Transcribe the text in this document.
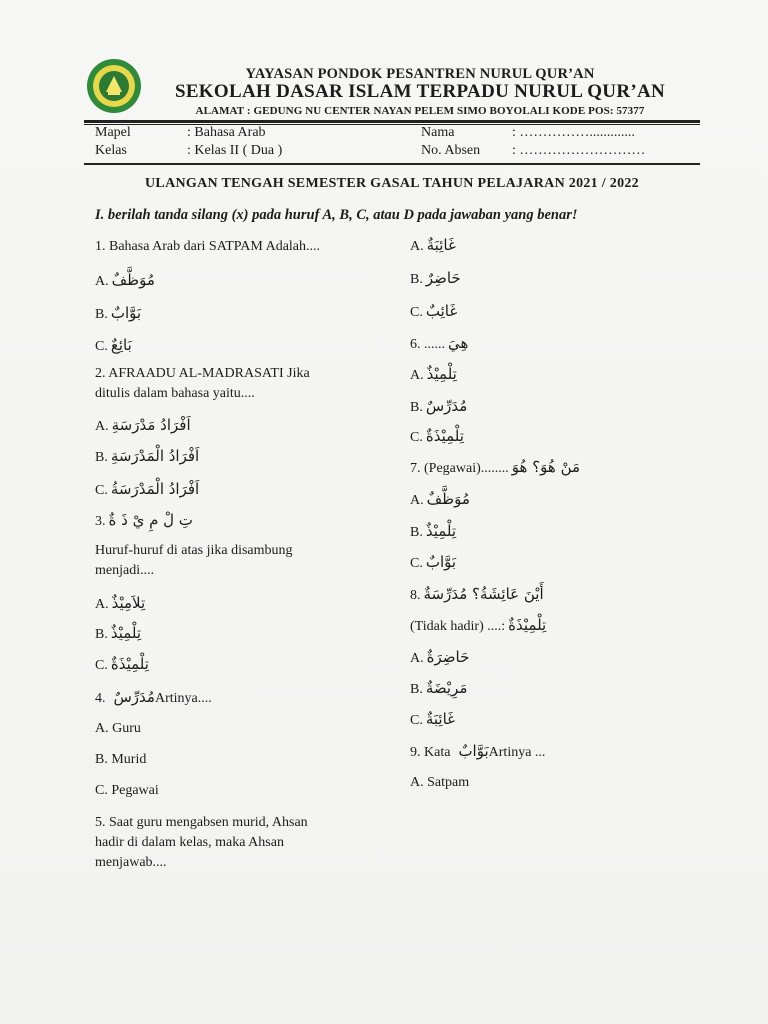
YAYASAN PONDOK PESANTREN NURUL QUR’AN
SEKOLAH DASAR ISLAM TERPADU NURUL QUR’AN
ALAMAT : GEDUNG NU CENTER NAYAN PELEM SIMO BOYOLALI KODE POS: 57377
Mapel	: Bahasa Arab
Kelas	: Kelas II ( Dua )
Nama	: …………….............
No. Absen : ………………………
ULANGAN TENGAH SEMESTER GASAL TAHUN PELAJARAN 2021 / 2022
I. berilah tanda silang (x) pada huruf A, B, C, atau D pada jawaban yang benar!
1. Bahasa Arab dari SATPAM Adalah....
A. مُوَظَّفٌ
B. بَوَّابٌ
C. بَائِعٌ
2. AFRAADU AL-MADRASATI Jika
ditulis dalam bahasa yaitu....
A. اَفْرَادُ مَدْرَسَةِ
B. اَفْرَادُ الْمَدْرَسَةِ
C. اَفْرَادُ الْمَدْرَسَةُ
3. تِ لْ مِ يْ ذَ ةٌ
Huruf-huruf di atas jika disambung
menjadi....
A. تِلاَمِيْذٌ
B. تِلْمِيْذٌ
C. تِلْمِيْذَةٌ
4. مُدَرِّسٌArtinya....
A. Guru
B. Murid
C. Pegawai
5. Saat guru mengabsen murid, Ahsan
hadir di dalam kelas, maka Ahsan
menjawab....
A. غَائِبَةٌ
B. حَاضِرٌ
C. غَائِبٌ
6. ...... هِيَ
A. تِلْمِيْذٌ
B. مُدَرِّسٌ
C. تِلْمِيْذَةٌ
7. (Pegawai)........ مَنْ هُوَ؟ هُوَ
A. مُوَظَّفٌ
B. تِلْمِيْذٌ
C. بَوَّابٌ
8. أَيْنَ عَائِشَةُ؟ مُدَرِّسَةٌ
(Tidak hadir) ....: تِلْمِيْذَةٌ
A. حَاضِرَةٌ
B. مَرِيْضَةٌ
C. غَائِبَةٌ
9. Kata بَوَّابٌArtinya ...
A. Satpam
